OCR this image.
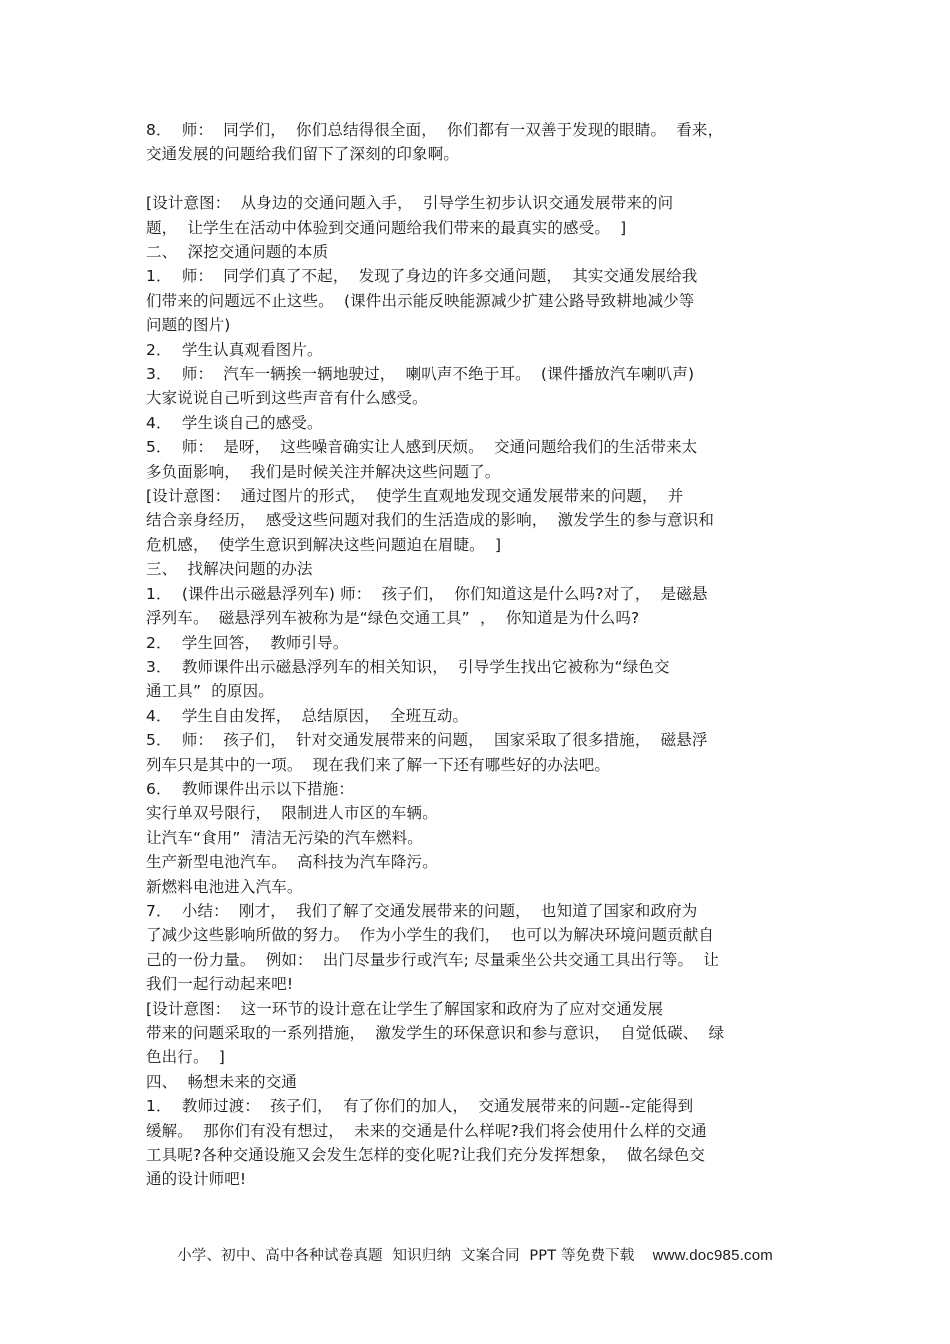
8．  师：  同学们，  你们总结得很全面，  你们都有一双善于发现的眼睛。  看来，
交通发展的问题给我们留下了深刻的印象啊。
[设计意图：  从身边的交通问题入手，  引导学生初步认识交通发展带来的问
题，  让学生在活动中体验到交通问题给我们带来的最真实的感受。  ]
二、  深挖交通问题的本质
1．  师：  同学们真了不起，  发现了身边的许多交通问题，  其实交通发展给我
们带来的问题远不止这些。  (课件出示能反映能源减少扩建公路导致耕地减少等
问题的图片)
2．  学生认真观看图片。
3．  师：  汽车一辆挨一辆地驶过，  喇叭声不绝于耳。  (课件播放汽车喇叭声)
大家说说自己听到这些声音有什么感受。
4．  学生谈自己的感受。
5．  师：  是呀，  这些噪音确实让人感到厌烦。  交通问题给我们的生活带来太
多负面影响，  我们是时候关注并解决这些问题了。
[设计意图：  通过图片的形式，  使学生直观地发现交通发展带来的问题，  并
结合亲身经历，  感受这些问题对我们的生活造成的影响，  激发学生的参与意识和
危机感，  使学生意识到解决这些问题迫在眉睫。  ]
三、  找解决问题的办法
1．  (课件出示磁悬浮列车) 师：  孩子们，  你们知道这是什么吗?对了，  是磁悬
浮列车。  磁悬浮列车被称为是“绿色交通工具”  ，  你知道是为什么吗?
2．  学生回答，  教师引导。
3．  教师课件出示磁悬浮列车的相关知识，  引导学生找出它被称为“绿色交
通工具”  的原因。
4．  学生自由发挥，  总结原因，  全班互动。
5．  师：  孩子们，  针对交通发展带来的问题，  国家采取了很多措施，  磁悬浮
列车只是其中的一项。  现在我们来了解一下还有哪些好的办法吧。
6．  教师课件出示以下措施：
实行单双号限行，  限制进人市区的车辆。
让汽车“食用”  清洁无污染的汽车燃料。
生产新型电池汽车。  高科技为汽车降污。
新燃料电池进入汽车。
7．  小结：  刚才，  我们了解了交通发展带来的问题，  也知道了国家和政府为
了减少这些影响所做的努力。  作为小学生的我们，  也可以为解决环境问题贡献自
己的一份力量。  例如：  出门尽量步行或汽车; 尽量乘坐公共交通工具出行等。  让
我们一起行动起来吧!
[设计意图：  这一环节的设计意在让学生了解国家和政府为了应对交通发展
带来的问题采取的一系列措施，  激发学生的环保意识和参与意识，  自觉低碳、  绿
色出行。  ]
四、  畅想未来的交通
1．  教师过渡：  孩子们，  有了你们的加人，  交通发展带来的问题--定能得到
缓解。  那你们有没有想过，  未来的交通是什么样呢?我们将会使用什么样的交通
工具呢?各种交通设施又会发生怎样的变化呢?让我们充分发挥想象，  做名绿色交
通的设计师吧!
小学、初中、高中各种试卷真题  知识归纳  文案合同  PPT 等免费下载 www.doc985.com
